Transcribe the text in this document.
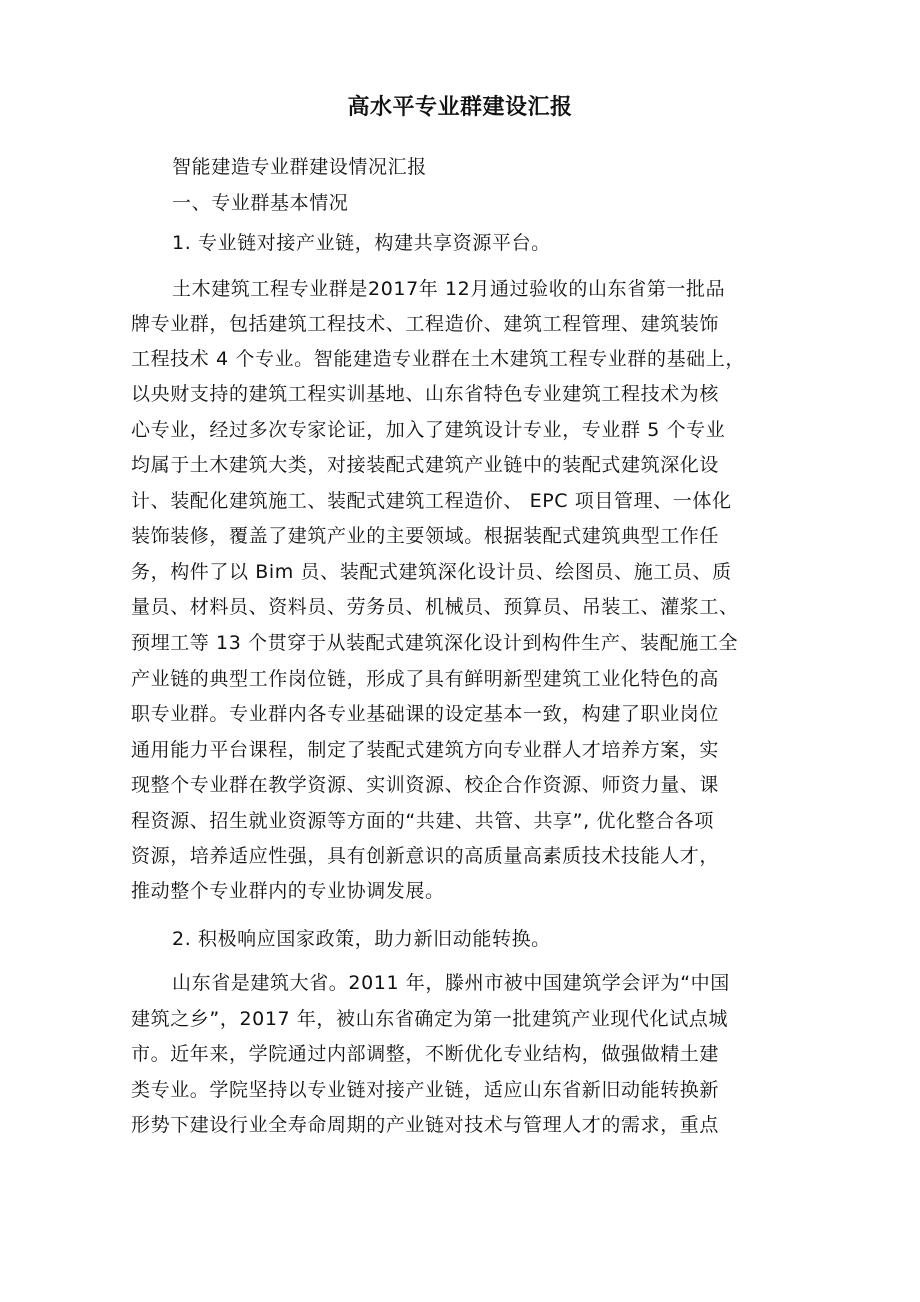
高水平专业群建设汇报
智能建造专业群建设情况汇报
一、专业群基本情况
1. 专业链对接产业链，构建共享资源平台。
土木建筑工程专业群是2017年 12月通过验收的山东省第一批品
牌专业群，包括建筑工程技术、工程造价、建筑工程管理、建筑装饰
工程技术 4 个专业。智能建造专业群在土木建筑工程专业群的基础上，
以央财支持的建筑工程实训基地、山东省特色专业建筑工程技术为核
心专业，经过多次专家论证，加入了建筑设计专业，专业群 5 个专业
均属于土木建筑大类，对接装配式建筑产业链中的装配式建筑深化设
计、装配化建筑施工、装配式建筑工程造价、 EPC 项目管理、一体化
装饰装修，覆盖了建筑产业的主要领域。根据装配式建筑典型工作任
务，构件了以 Bim 员、装配式建筑深化设计员、绘图员、施工员、质
量员、材料员、资料员、劳务员、机械员、预算员、吊装工、灌浆工、
预埋工等 13 个贯穿于从装配式建筑深化设计到构件生产、装配施工全
产业链的典型工作岗位链，形成了具有鲜明新型建筑工业化特色的高
职专业群。专业群内各专业基础课的设定基本一致，构建了职业岗位
通用能力平台课程，制定了装配式建筑方向专业群人才培养方案，实
现整个专业群在教学资源、实训资源、校企合作资源、师资力量、课
程资源、招生就业资源等方面的“共建、共管、共享”, 优化整合各项
资源，培养适应性强，具有创新意识的高质量高素质技术技能人才，
推动整个专业群内的专业协调发展。
2. 积极响应国家政策，助力新旧动能转换。
山东省是建筑大省。2011 年，滕州市被中国建筑学会评为“中国
建筑之乡”，2017 年，被山东省确定为第一批建筑产业现代化试点城
市。近年来，学院通过内部调整，不断优化专业结构，做强做精土建
类专业。学院坚持以专业链对接产业链，适应山东省新旧动能转换新
形势下建设行业全寿命周期的产业链对技术与管理人才的需求，重点
